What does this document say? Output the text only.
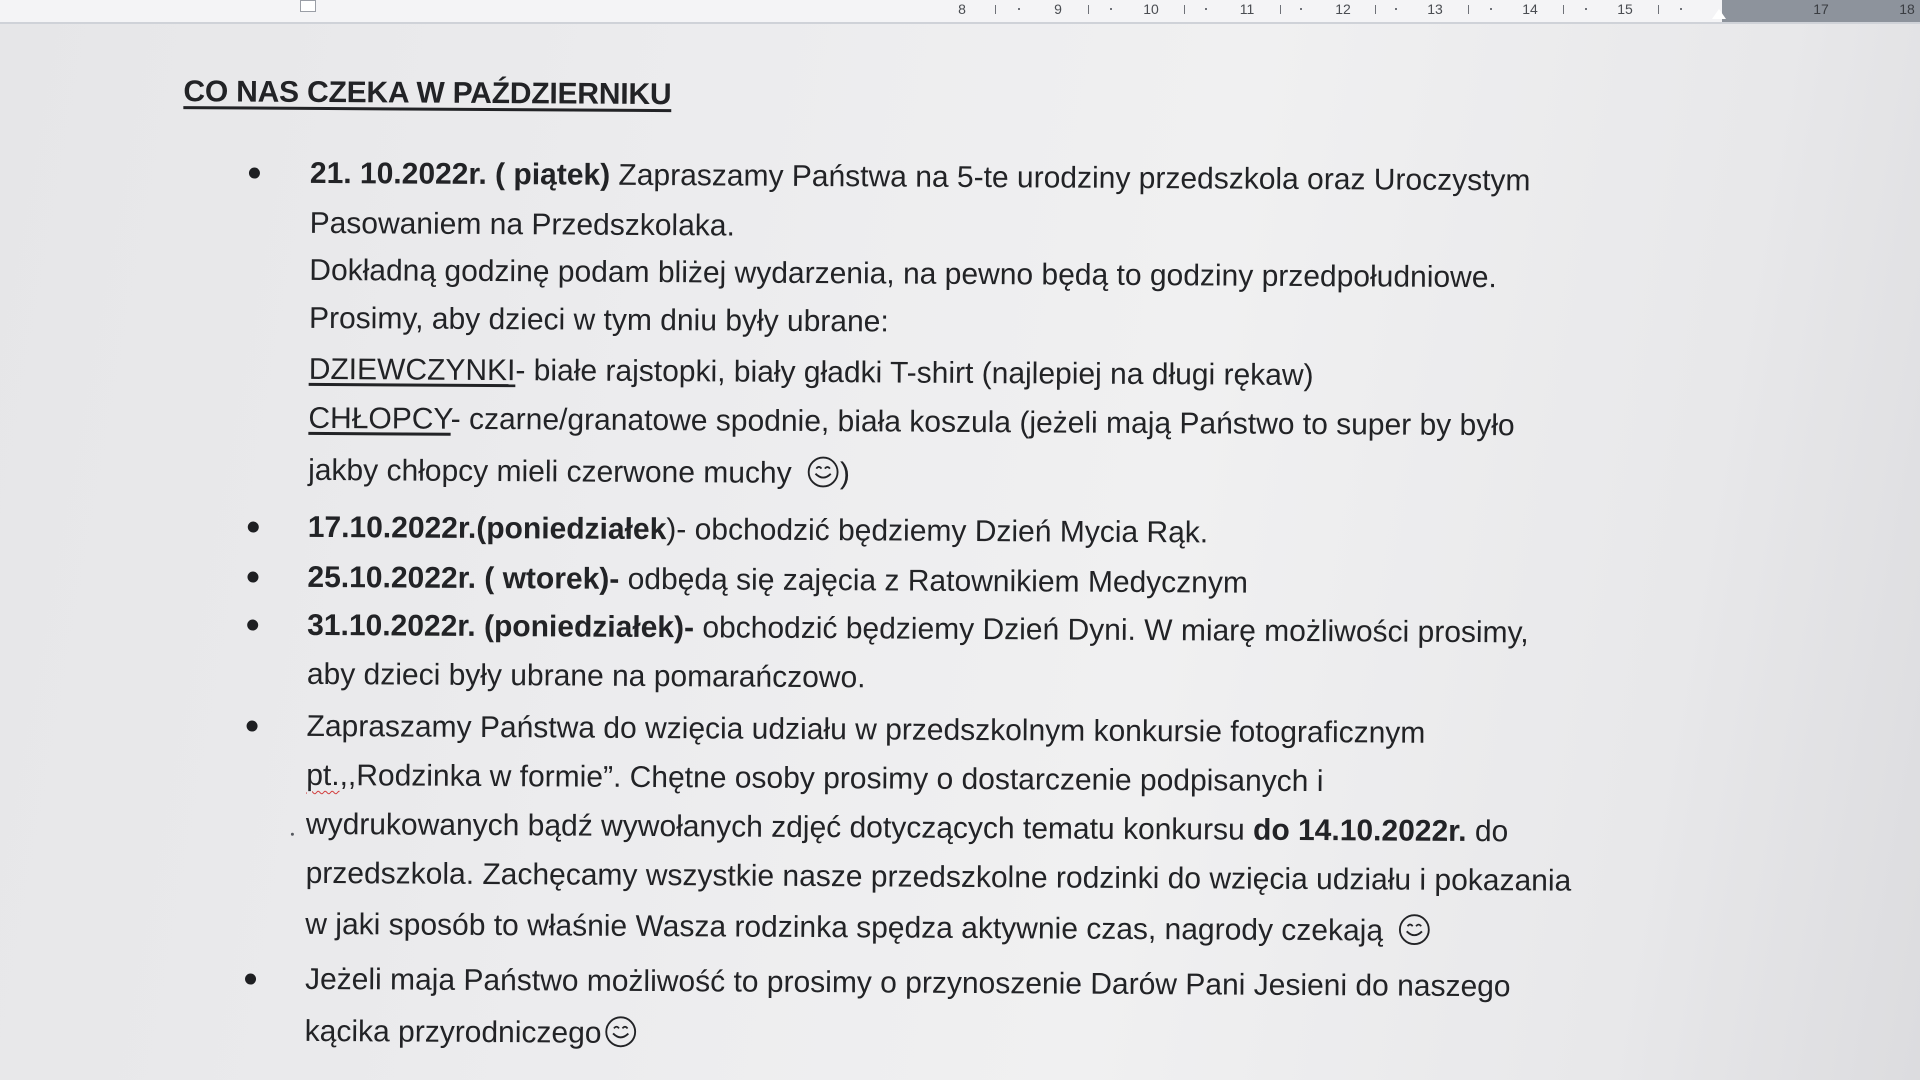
8	9	10	11	12	13	14	15	17	18
CO NAS CZEKA W PAŹDZIERNIKU
21. 10.2022r. ( piątek) Zapraszamy Państwa na 5-te urodziny przedszkola oraz Uroczystym
Pasowaniem na Przedszkolaka.
Dokładną godzinę podam bliżej wydarzenia, na pewno będą to godziny przedpołudniowe.
Prosimy, aby dzieci w tym dniu były ubrane:
DZIEWCZYNKI- białe rajstopki, biały gładki T-shirt (najlepiej na długi rękaw)
CHŁOPCY- czarne/granatowe spodnie, biała koszula (jeżeli mają Państwo to super by było
jakby chłopcy mieli czerwone muchy )
17.10.2022r.(poniedziałek)- obchodzić będziemy Dzień Mycia Rąk.
25.10.2022r. ( wtorek)- odbędą się zajęcia z Ratownikiem Medycznym
31.10.2022r. (poniedziałek)- obchodzić będziemy Dzień Dyni. W miarę możliwości prosimy,
aby dzieci były ubrane na pomarańczowo.
Zapraszamy Państwa do wzięcia udziału w przedszkolnym konkursie fotograficznym
pt.,,Rodzinka w formie”. Chętne osoby prosimy o dostarczenie podpisanych i
wydrukowanych bądź wywołanych zdjęć dotyczących tematu konkursu do 14.10.2022r. do
przedszkola. Zachęcamy wszystkie nasze przedszkolne rodzinki do wzięcia udziału i pokazania
w jaki sposób to właśnie Wasza rodzinka spędza aktywnie czas, nagrody czekają
Jeżeli maja Państwo możliwość to prosimy o przynoszenie Darów Pani Jesieni do naszego
kącika przyrodniczego
